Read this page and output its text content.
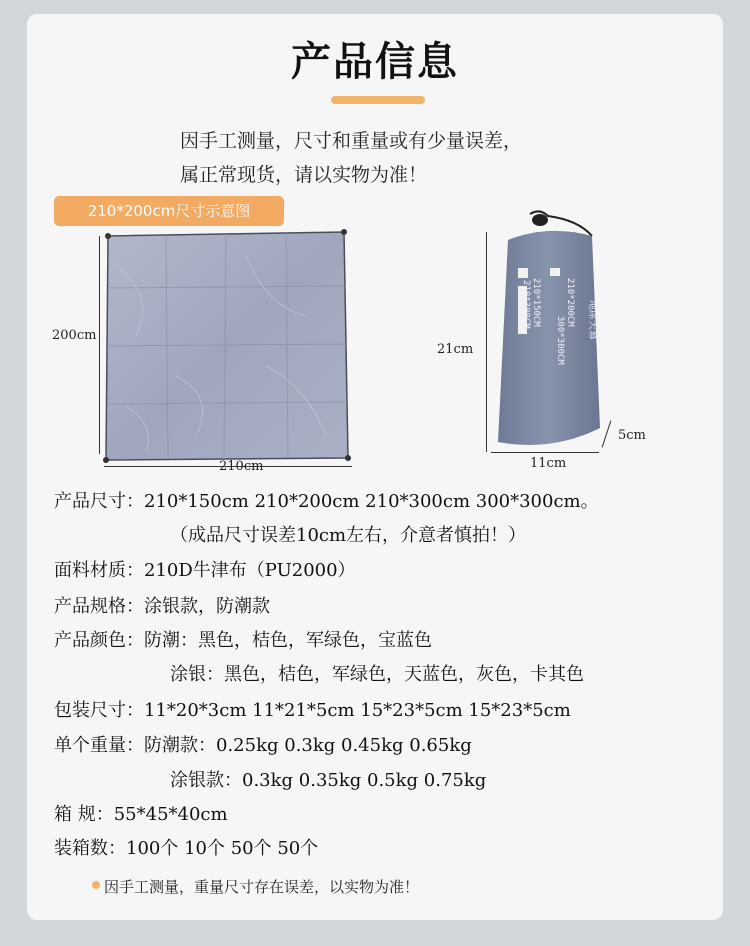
产品信息
因手工测量，尺寸和重量或有少量误差，
属正常现货，请以实物为准！
210*200cm尺寸示意图
200cm
210cm
210*150CM
210*300CM	210*200CM
300*300CM 地席天幕
21cm
11cm
5cm
产品尺寸：210*150cm 210*200cm 210*300cm 300*300cm。
（成品尺寸误差10cm左右，介意者慎拍！）
面料材质：210D牛津布（PU2000）
产品规格：涂银款，防潮款
产品颜色：防潮：黑色，桔色，军绿色，宝蓝色
涂银：黑色，桔色，军绿色，天蓝色，灰色，卡其色
包装尺寸：11*20*3cm 11*21*5cm 15*23*5cm 15*23*5cm
单个重量：防潮款：0.25kg 0.3kg 0.45kg 0.65kg
涂银款：0.3kg 0.35kg 0.5kg 0.75kg
箱 规：55*45*40cm
装箱数：100个 10个 50个 50个
因手工测量，重量尺寸存在误差，以实物为准！
